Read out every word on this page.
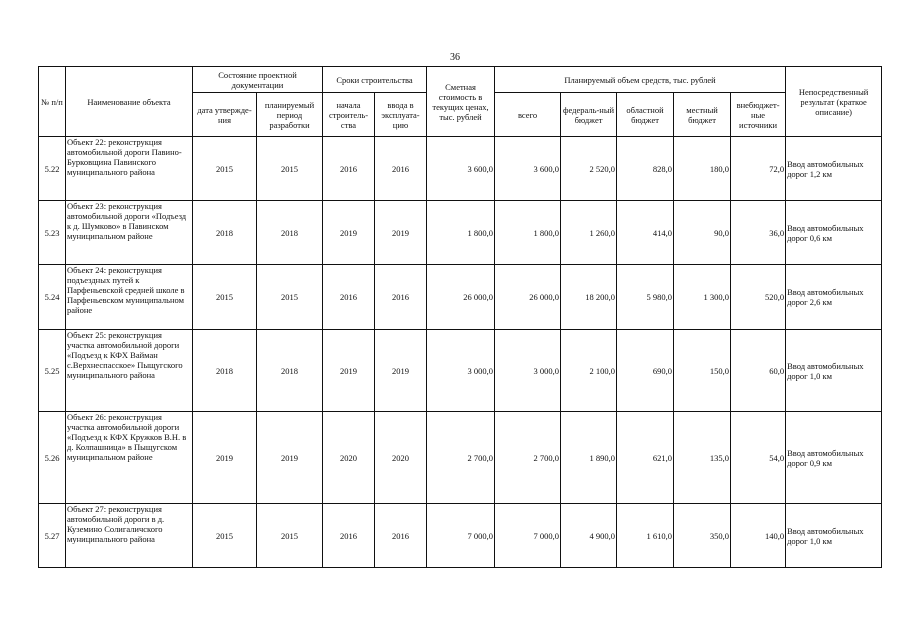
36
№ п/п	Наименование объекта	Состояние проектной документации		Сроки строительства		Сметная стоимость в текущих ценах, тыс. рублей	Планируемый объем средств, тыс. рублей					Непосредственный результат (краткое описание)
		дата утвержде-ния	планируемый период разработки	начала строитель-ства	ввода в эксплуата-цию		всего	федераль-ный бюджет	областной бюджет	местный бюджет	внебюджет-ные источники	
5.22	Объект 22: реконструкция автомобильной дороги Павино-Бурковщина Павинского муниципального района	2015	2015	2016	2016	3 600,0	3 600,0	2 520,0	828,0	180,0	72,0	Ввод автомобильных дорог 1,2 км
5.23	Объект 23: реконструкция автомобильной дороги «Подъезд к д. Шумково» в Павинском муниципальном районе	2018	2018	2019	2019	1 800,0	1 800,0	1 260,0	414,0	90,0	36,0	Ввод автомобильных дорог 0,6 км
5.24	Объект 24: реконструкция подъездных путей к Парфеньевской средней школе в Парфеньевском муниципальном районе	2015	2015	2016	2016	26 000,0	26 000,0	18 200,0	5 980,0	1 300,0	520,0	Ввод автомобильных дорог 2,6 км
5.25	Объект 25: реконструкция участка автомобильной дороги «Подъезд к КФХ Вайман с.Верхнеспасское» Пыщугского муниципального района	2018	2018	2019	2019	3 000,0	3 000,0	2 100,0	690,0	150,0	60,0	Ввод автомобильных дорог 1,0 км
5.26	Объект 26: реконструкция участка автомобильной дороги «Подъезд к КФХ Кружков В.Н. в д. Колпашница» в Пыщугском муниципальном районе	2019	2019	2020	2020	2 700,0	2 700,0	1 890,0	621,0	135,0	54,0	Ввод автомобильных дорог 0,9 км
5.27	Объект 27: реконструкция автомобильной дороги в д. Куземино Солигаличского муниципального района	2015	2015	2016	2016	7 000,0	7 000,0	4 900,0	1 610,0	350,0	140,0	Ввод автомобильных дорог 1,0 км
